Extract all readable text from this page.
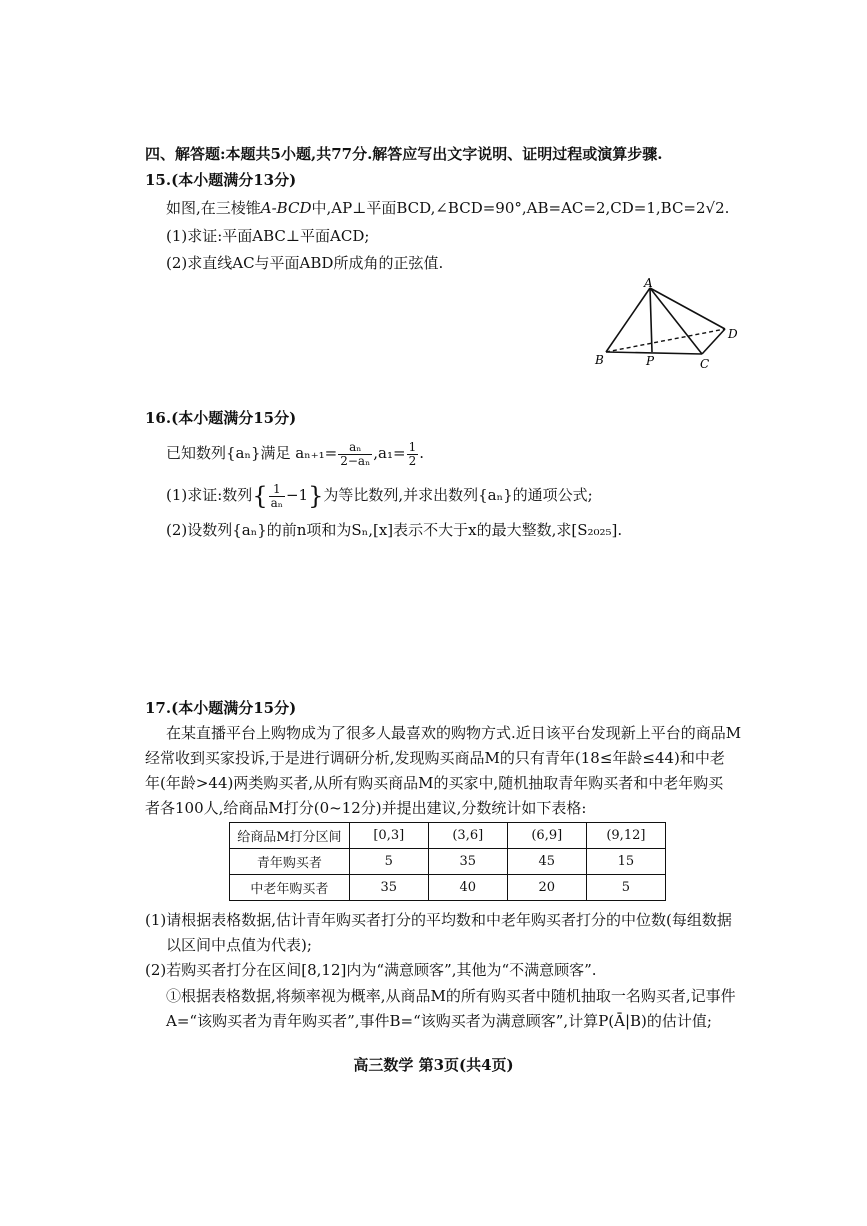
四、解答题:本题共5小题,共77分.解答应写出文字说明、证明过程或演算步骤.
15.(本小题满分13分)
如图,在三棱锥A-BCD中,AP⊥平面BCD,∠BCD=90°,AB=AC=2,CD=1,BC=2√2.
(1)求证:平面ABC⊥平面ACD;
(2)求直线AC与平面ABD所成角的正弦值.
A
B	P	C
D
16.(本小题满分15分)
已知数列{aₙ}满足 $a_{n+1}= \frac{\text{aₙ}}{\text{2−aₙ}} ,a_1= \frac{1}{2}$ .
(1)求证:数列{ $\frac{1}{\text{aₙ}} -1$}为等比数列,并求出数列{aₙ}的通项公式;
(2)设数列{aₙ}的前n项和为Sₙ,[x]表示不大于x的最大整数,求[S₂₀₂₅].
17.(本小题满分15分)
在某直播平台上购物成为了很多人最喜欢的购物方式.近日该平台发现新上平台的商品M
经常收到买家投诉,于是进行调研分析,发现购买商品M的只有青年(18≤年龄≤44)和中老
年(年龄>44)两类购买者,从所有购买商品M的买家中,随机抽取青年购买者和中老年购买
者各100人,给商品M打分(0~12分)并提出建议,分数统计如下表格:
给商品M打分区间	[0,3]	(3,6]	(6,9]	(9,12]
青年购买者	5	35	45	15
中老年购买者	35	40	20	5
(1)请根据表格数据,估计青年购买者打分的平均数和中老年购买者打分的中位数(每组数据
以区间中点值为代表);
(2)若购买者打分在区间[8,12]内为“满意顾客”,其他为“不满意顾客”.
①根据表格数据,将频率视为概率,从商品M的所有购买者中随机抽取一名购买者,记事件
A=“该购买者为青年购买者”,事件B=“该购买者为满意顾客”,计算P(Ā|B)的估计值;
高三数学 第3页(共4页)
